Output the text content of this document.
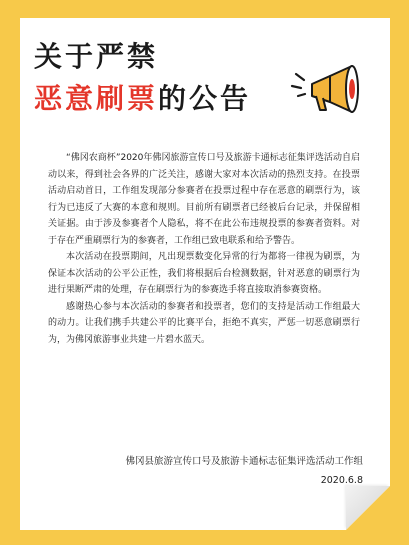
关于严禁
恶意刷票的公告

“佛冈农商杯”2020年佛冈旅游宣传口号及旅游卡通标志征集评选活动自启动以来，得到社会各界的广泛关注，感谢大家对本次活动的热烈支持。在投票活动启动首日，工作组发现部分参赛者在投票过程中存在恶意的刷票行为，该行为已违反了大赛的本意和规则。目前所有刷票者已经被后台记录，并保留相关证据。由于涉及参赛者个人隐私，将不在此公布违规投票的参赛者资料。对于存在严重刷票行为的参赛者，工作组已致电联系和给予警告。

本次活动在投票期间，凡出现票数变化异常的行为都将一律视为刷票，为保证本次活动的公平公正性，我们将根据后台检测数据，针对恶意的刷票行为进行果断严肃的处理，存在刷票行为的参赛选手将直接取消参赛资格。

感谢热心参与本次活动的参赛者和投票者，您们的支持是活动工作组最大的动力。让我们携手共建公平的比赛平台，拒绝不真实，严惩一切恶意刷票行为，为佛冈旅游事业共建一片碧水蓝天。

佛冈县旅游宣传口号及旅游卡通标志征集评选活动工作组
2020.6.8
